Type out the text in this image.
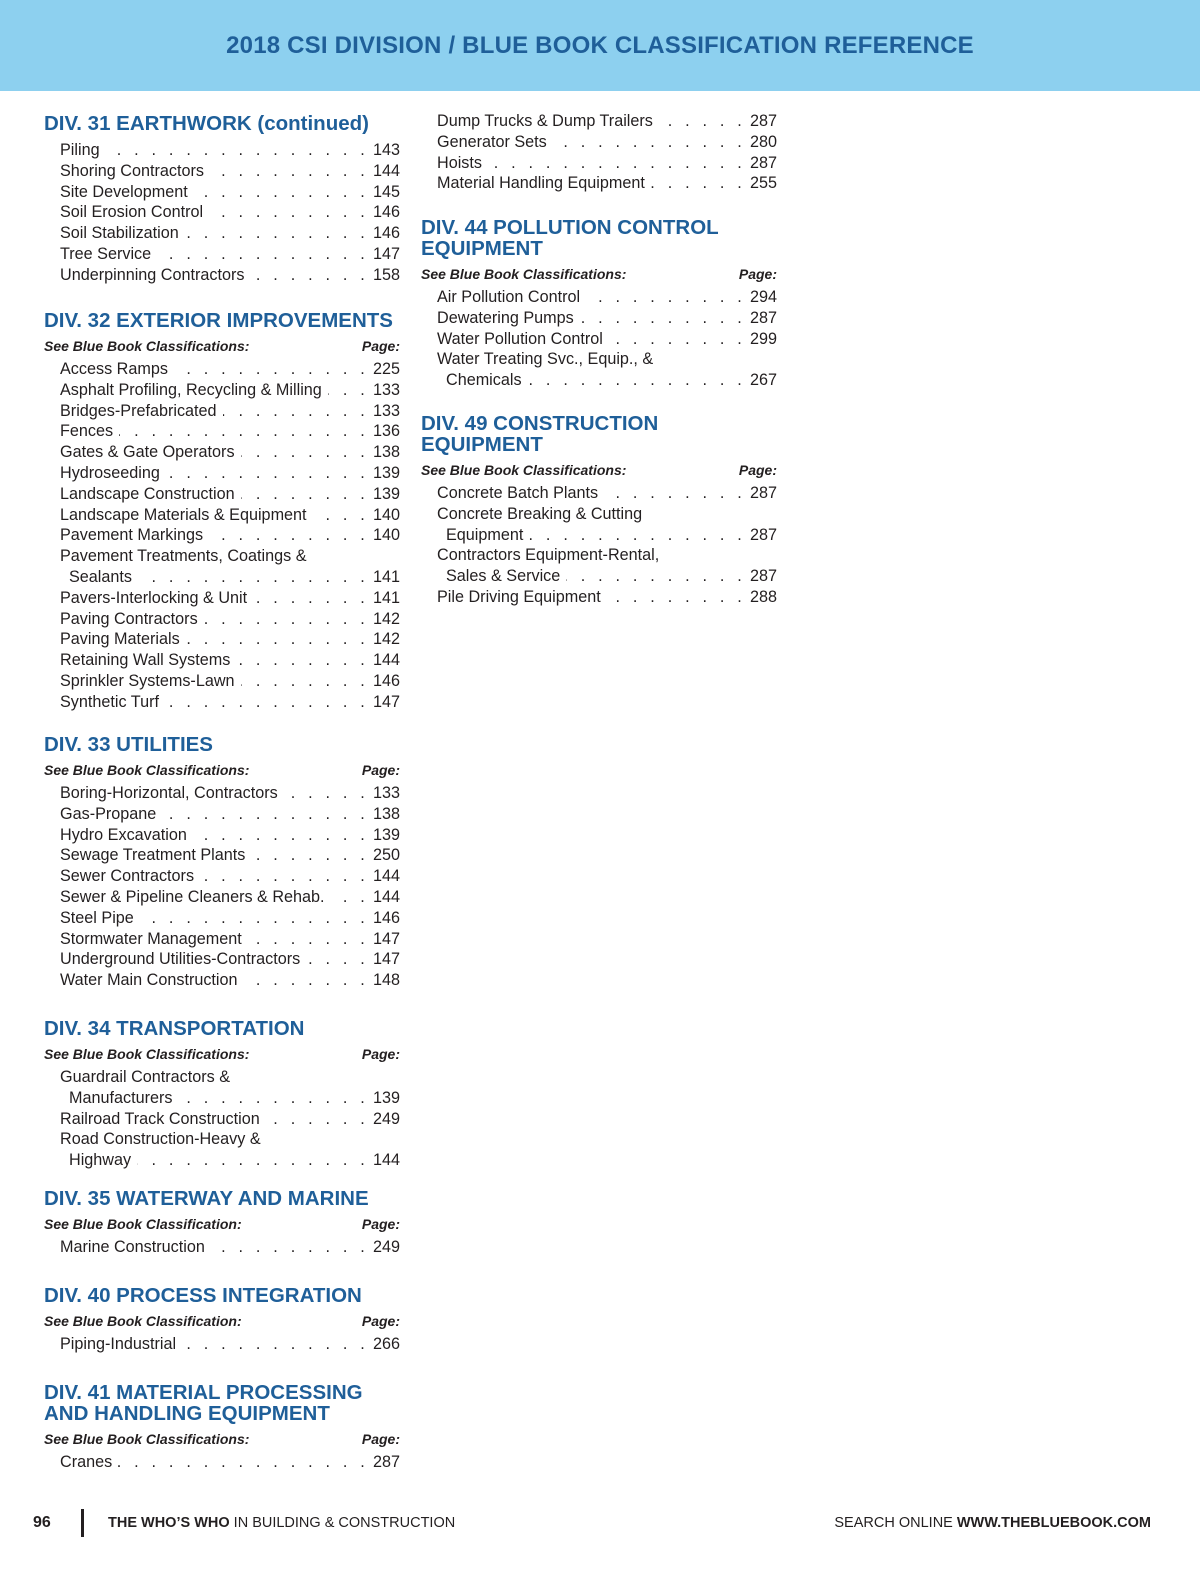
2018 CSI DIVISION / BLUE BOOK CLASSIFICATION REFERENCE
DIV. 31 EARTHWORK (continued)
Piling . . .	143
Shoring Contractors . . .	144
Site Development . . .	145
Soil Erosion Control . . .	146
Soil Stabilization . . .	146
Tree Service . . .	147
Underpinning Contractors . . .	158
DIV. 32 EXTERIOR IMPROVEMENTS
See Blue Book Classifications:	Page:
Access Ramps . . .	225
Asphalt Profiling, Recycling & Milling . . .	133
Bridges-Prefabricated . . .	133
Fences . . .	136
Gates & Gate Operators . . .	138
Hydroseeding . . .	139
Landscape Construction . . .	139
Landscape Materials & Equipment . . .	140
Pavement Markings . . .	140
Pavement Treatments, Coatings &
Sealants . . .	141
Pavers-Interlocking & Unit . . .	141
Paving Contractors . . .	142
Paving Materials . . .	142
Retaining Wall Systems . . .	144
Sprinkler Systems-Lawn . . .	146
Synthetic Turf . . .	147
DIV. 33 UTILITIES
See Blue Book Classifications:	Page:
Boring-Horizontal, Contractors . . .	133
Gas-Propane . . .	138
Hydro Excavation . . .	139
Sewage Treatment Plants . . .	250
Sewer Contractors . . .	144
Sewer & Pipeline Cleaners & Rehab. . . .	144
Steel Pipe . . .	146
Stormwater Management . . .	147
Underground Utilities-Contractors . . .	147
Water Main Construction . . .	148
DIV. 34 TRANSPORTATION
See Blue Book Classifications:	Page:
Guardrail Contractors &
Manufacturers . . .	139
Railroad Track Construction . . .	249
Road Construction-Heavy &
Highway . . .	144
DIV. 35 WATERWAY AND MARINE
See Blue Book Classification:	Page:
Marine Construction . . .	249
DIV. 40 PROCESS INTEGRATION
See Blue Book Classification:	Page:
Piping-Industrial . . .	266
DIV. 41 MATERIAL PROCESSING
AND HANDLING EQUIPMENT
See Blue Book Classifications:	Page:
Cranes . . .	287
Dump Trucks & Dump Trailers . . .	287
Generator Sets . . .	280
Hoists . . .	287
Material Handling Equipment . . .	255
DIV. 44 POLLUTION CONTROL
EQUIPMENT
See Blue Book Classifications:	Page:
Air Pollution Control . . .	294
Dewatering Pumps . . .	287
Water Pollution Control . . .	299
Water Treating Svc., Equip., &
Chemicals . . .	267
DIV. 49 CONSTRUCTION
EQUIPMENT
See Blue Book Classifications:	Page:
Concrete Batch Plants . . .	287
Concrete Breaking & Cutting
Equipment . . .	287
Contractors Equipment-Rental,
Sales & Service . . .	287
Pile Driving Equipment . . .	288
96	THE WHO’S WHO IN BUILDING & CONSTRUCTION	SEARCH ONLINE WWW.THEBLUEBOOK.COM
